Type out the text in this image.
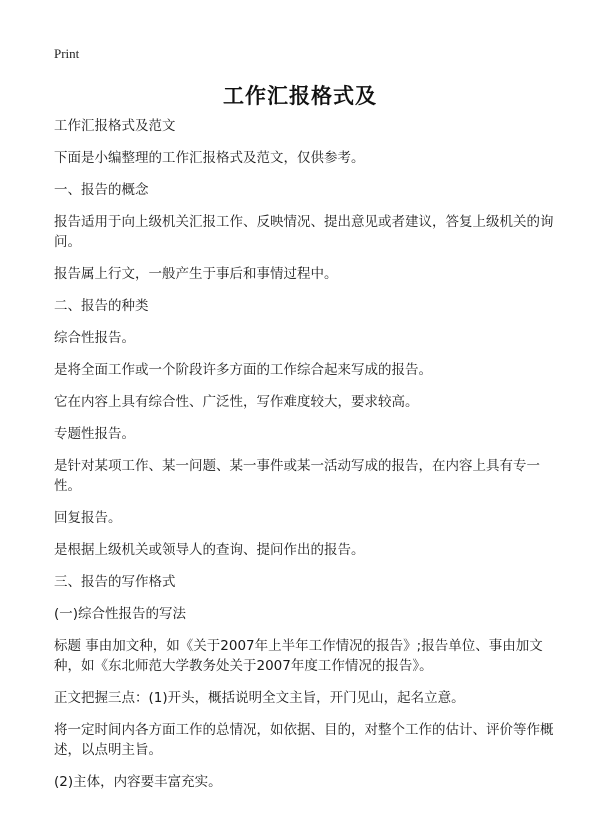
Print
工作汇报格式及

工作汇报格式及范文

下面是小编整理的工作汇报格式及范文，仅供参考。

一、报告的概念

报告适用于向上级机关汇报工作、反映情况、提出意见或者建议，答复上级机关的询问。

报告属上行文，一般产生于事后和事情过程中。

二、报告的种类

综合性报告。

是将全面工作或一个阶段许多方面的工作综合起来写成的报告。

它在内容上具有综合性、广泛性，写作难度较大，要求较高。

专题性报告。

是针对某项工作、某一问题、某一事件或某一活动写成的报告，在内容上具有专一性。

回复报告。

是根据上级机关或领导人的查询、提问作出的报告。

三、报告的写作格式

(一)综合性报告的写法

标题 事由加文种，如《关于2007年上半年工作情况的报告》;报告单位、事由加文种，如《东北师范大学教务处关于2007年度工作情况的报告》。

正文把握三点：(1)开头，概括说明全文主旨，开门见山，起名立意。

将一定时间内各方面工作的总情况，如依据、目的，对整个工作的估计、评价等作概述，以点明主旨。

(2)主体，内容要丰富充实。
